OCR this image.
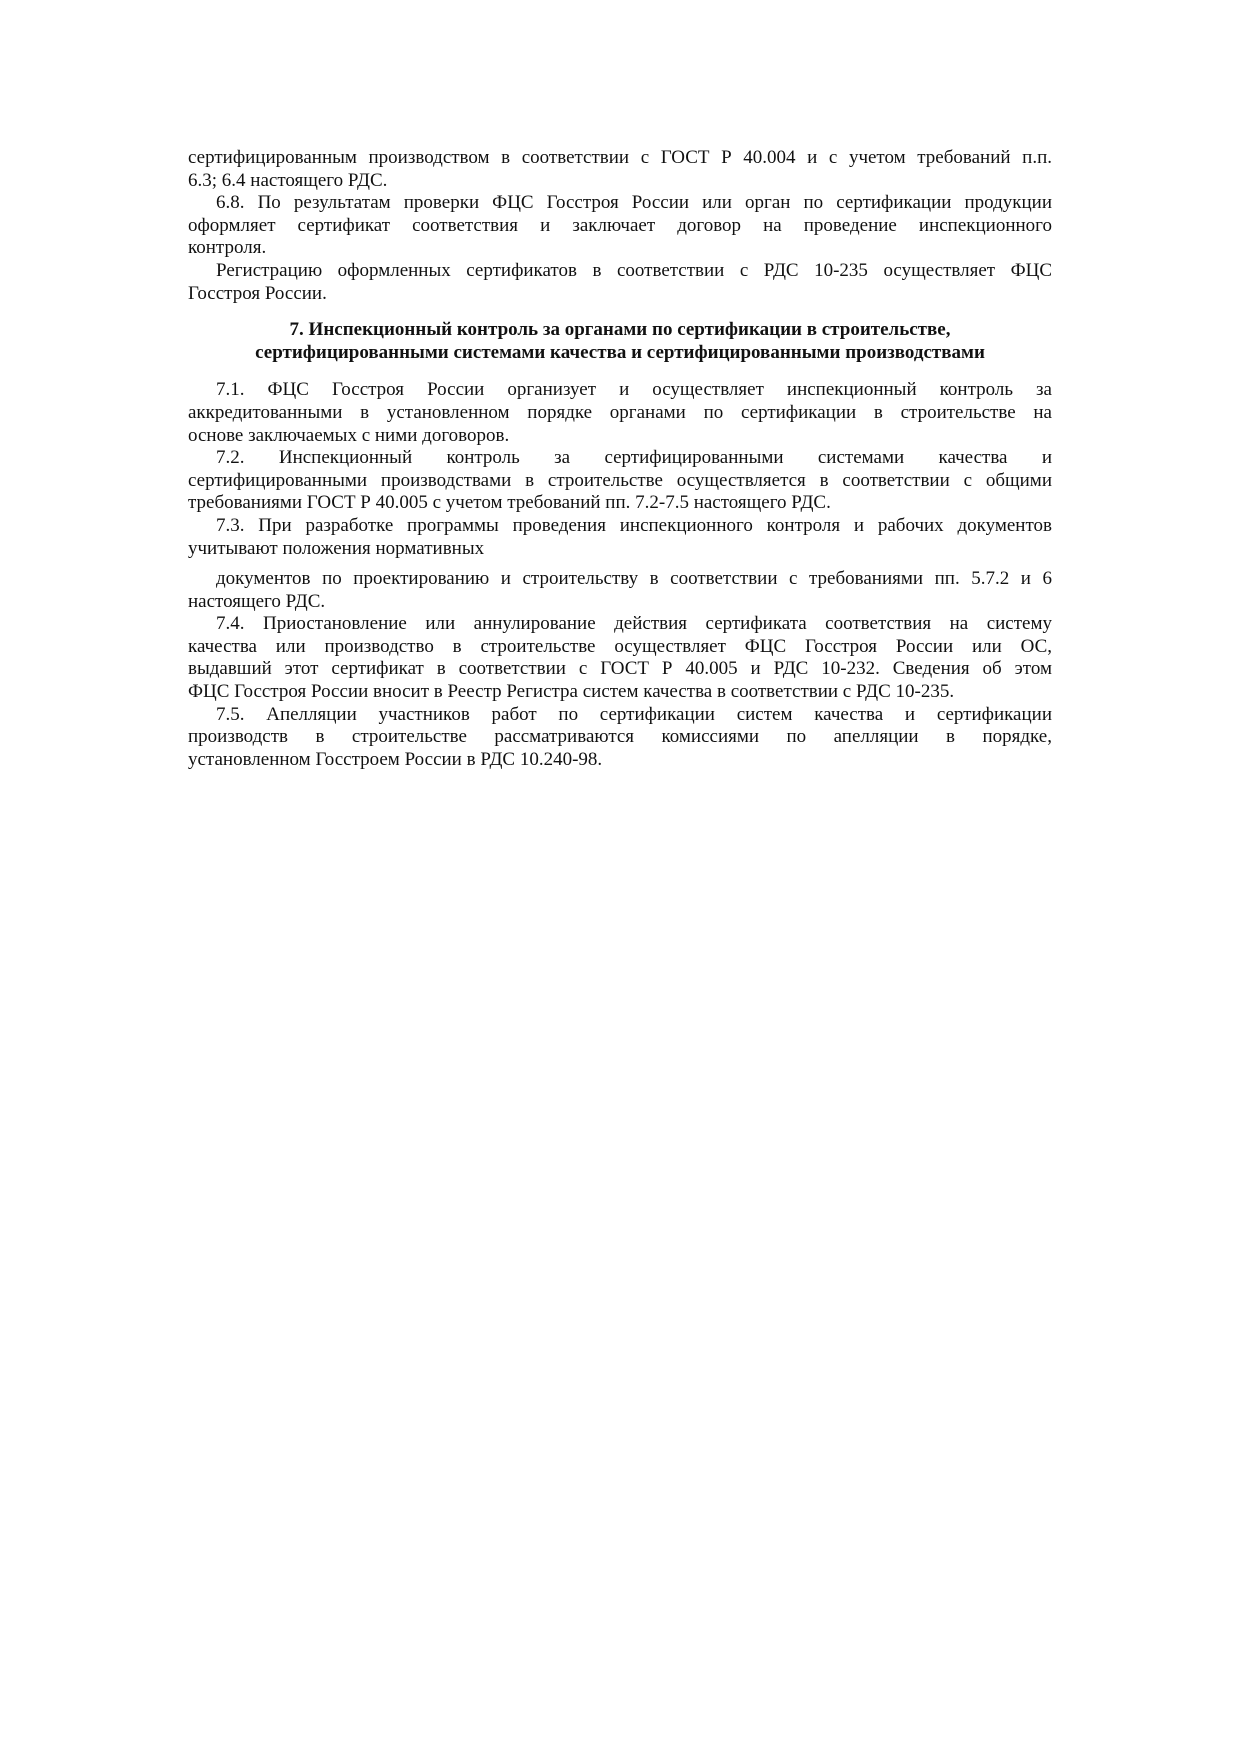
сертифицированным производством в соответствии с ГОСТ Р 40.004 и с учетом требований п.п.
6.3; 6.4 настоящего РДС.
6.8. По результатам проверки ФЦС Госстроя России или орган по сертификации продукции
оформляет сертификат соответствия и заключает договор на проведение инспекционного
контроля.
Регистрацию оформленных сертификатов в соответствии с РДС 10-235 осуществляет ФЦС
Госстроя России.
7. Инспекционный контроль за органами по сертификации в строительстве,
сертифицированными системами качества и сертифицированными производствами
7.1. ФЦС Госстроя России организует и осуществляет инспекционный контроль за
аккредитованными в установленном порядке органами по сертификации в строительстве на
основе заключаемых с ними договоров.
7.2. Инспекционный контроль за сертифицированными системами качества и
сертифицированными производствами в строительстве осуществляется в соответствии с общими
требованиями ГОСТ Р 40.005 с учетом требований пп. 7.2-7.5 настоящего РДС.
7.3. При разработке программы проведения инспекционного контроля и рабочих документов
учитывают положения нормативных
документов по проектированию и строительству в соответствии с требованиями пп. 5.7.2 и 6
настоящего РДС.
7.4. Приостановление или аннулирование действия сертификата соответствия на систему
качества или производство в строительстве осуществляет ФЦС Госстроя России или ОС,
выдавший этот сертификат в соответствии с ГОСТ Р 40.005 и РДС 10-232. Сведения об этом
ФЦС Госстроя России вносит в Реестр Регистра систем качества в соответствии с РДС 10-235.
7.5. Апелляции участников работ по сертификации систем качества и сертификации
производств в строительстве рассматриваются комиссиями по апелляции в порядке,
установленном Госстроем России в РДС 10.240-98.
